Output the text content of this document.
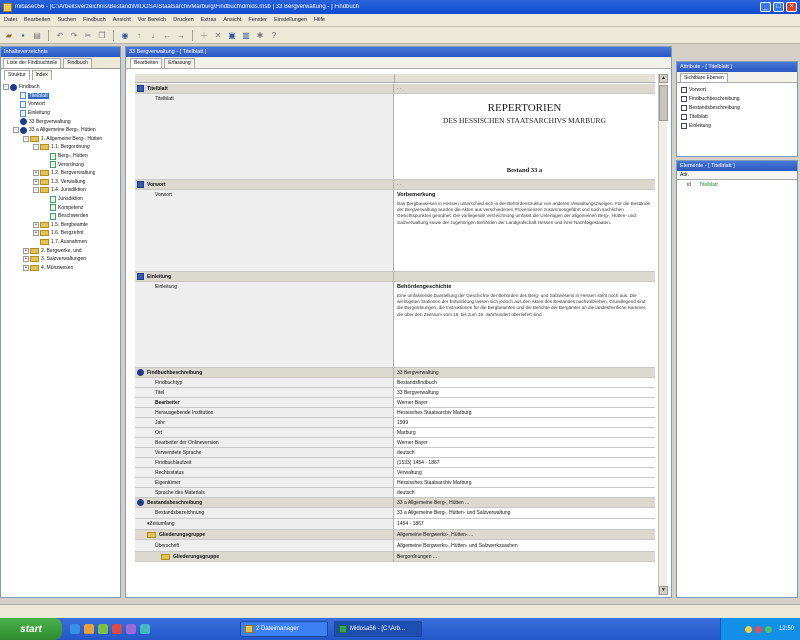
mibase056 - [C:\Arbeitsverzeichnis\Bestand\MIDOSA\StaatsarchivMarburg\Findbuch\dmids.msb | 33 Bergverwaltung - ] Findbuch	_	□	×
Datei Bearbeiten Suchen Findbuch Ansicht Vor Bereich Drucken Extras Ansicht Fenster Einstellungen Hilfe
▰	▪	▤	↶ ↷ ✂ ❐	◉	↑	↓	← → ＋ ✕ ▣ ▥ ✱	?
Inhaltsverzeichnis
Liste der Findbuchteile	Findbuch
Struktur	Index
-	Findbuch
Titelblatt
Vorwort
Einleitung
33 Bergverwaltung
-	33 a Allgemeine Berg-, Hütten
-	1. Allgemeine Berg-, Hütten
-	1.1. Bergordnung
Berg-, Hütten
Verordnung
+	1.2. Bergverwaltung
+	1.3. Verwaltung
-	1.4. Jurisdiktion
Jurisdiktion
Kompetenz
Beschwerden
+	1.5. Bergbeamte
+	1.6. Bergzehnt
1.7. Ausnahmen
+	2. Bergwerke, und
+	3. Salzverwaltungen
+	4. Münzwesen
33 Bergverwaltung - [ Titelblatt ]
Bearbeiten	Erfassung
Titelblatt	· ·
Titelblatt
REPERTORIEN
DES HESSISCHEN STAATSARCHIVS MARBURG
Bestand 33 a
Vorwort	· ·
Vorwort	Vorbemerkung
Das Bergbauwesen in Hessen unterschied sich in der Behördenstruktur von anderen Verwaltungszweigen. Für die Bestände der Bergverwaltung wurden die Akten aus verschiedenen Provenienzen zusammengeführt und nach sachlichen Gesichtspunkten geordnet. Die vorliegende Verzeichnung umfasst die Unterlagen der allgemeinen Berg-, Hütten- und Salzverwaltung sowie der zugehörigen Behörden der Landgrafschaft Hessen und ihrer Nachfolgestaaten.
Einleitung
Einleitung	Behördengeschichte
Eine umfassende Darstellung der Geschichte der Behörden des Berg- und Salzwesens in Hessen steht noch aus. Die wichtigsten Stationen der Entwicklung lassen sich jedoch aus den Akten des Bestandes nachvollziehen. Grundlegend sind die Bergordnungen, die Instruktionen für die Bergbeamten und die Berichte der Bergämter an die landesherrliche Kammer, die über den Zeitraum vom 16. bis zum 19. Jahrhundert überliefert sind.
Findbuchbeschreibung	33 Bergverwaltung
Findbuchtyp	Bestandsfindbuch
Titel	33 Bergverwaltung
Bearbeiter	Werner Bayer
Herausgebende Institution	Hessisches Staatsarchiv Marburg
Jahr	1999
Ort	Marburg
Bearbeiter der Onlineversion	Werner Bayer
Verwendete Sprache	deutsch
Findbuchlaufzeit	(1533) 1454 - 1867
Rechtsstatus	Verwaltung
Eigentümer	Hessisches Staatsarchiv Marburg
Sprache des Materials	deutsch
Bestandsbeschreibung	33 a Allgemeine Berg-, Hütten ...
Bestandsbezeichnung	33 a Allgemeine Berg-, Hütten- und Salzverwaltung
▾ Zeitumfang	1454 - 1867
Gliederungsgruppe	Allgemeine Bergwerks-, Hütten- ...
Überschrift	Allgemeine Bergwerks-, Hütten- und Salzwerkssachen
Gliederungsgruppe	Bergordnungen ...
▲
▼
Attribute - [ Titelblatt ]
Sichtbare Ebenen
Vorwort
Findbuchbeschreibung
Bestandsbeschreibung
Titelblatt
Einleitung
Elemente - [ Titelblatt ]
Attr.
id	Titelblatt
start	2 Dateimanager	Midosa56 - [C:\Arb...	12:50
